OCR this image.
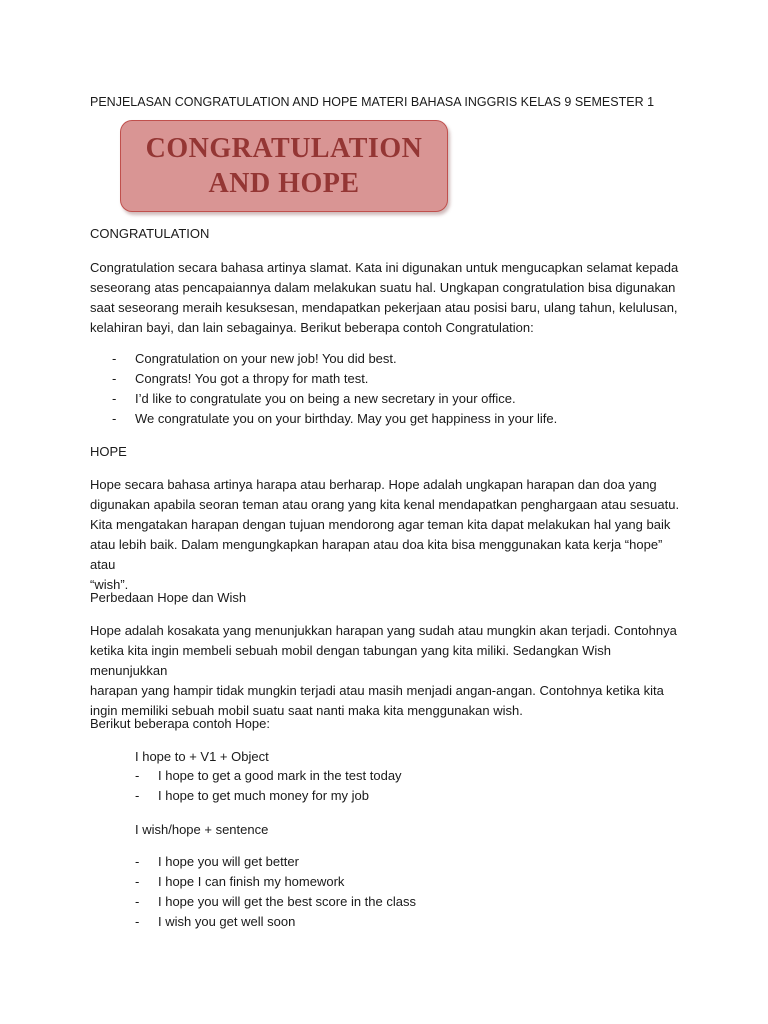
PENJELASAN CONGRATULATION AND HOPE MATERI BAHASA INGGRIS KELAS 9 SEMESTER 1
CONGRATULATION
AND HOPE
CONGRATULATION
Congratulation secara bahasa artinya slamat. Kata ini digunakan untuk mengucapkan selamat kepada
seseorang atas pencapaiannya dalam melakukan suatu hal. Ungkapan congratulation bisa digunakan
saat seseorang meraih kesuksesan, mendapatkan pekerjaan atau posisi baru, ulang tahun, kelulusan,
kelahiran bayi, dan lain sebagainya. Berikut beberapa contoh Congratulation:
- Congratulation on your new job! You did best.
- Congrats! You got a thropy for math test.
- I’d like to congratulate you on being a new secretary in your office.
- We congratulate you on your birthday. May you get happiness in your life.
HOPE
Hope secara bahasa artinya harapa atau berharap. Hope adalah ungkapan harapan dan doa yang
digunakan apabila seoran teman atau orang yang kita kenal mendapatkan penghargaan atau sesuatu.
Kita mengatakan harapan dengan tujuan mendorong agar teman kita dapat melakukan hal yang baik
atau lebih baik. Dalam mengungkapkan harapan atau doa kita bisa menggunakan kata kerja “hope” atau
“wish”.
Perbedaan Hope dan Wish
Hope adalah kosakata yang menunjukkan harapan yang sudah atau mungkin akan terjadi. Contohnya
ketika kita ingin membeli sebuah mobil dengan tabungan yang kita miliki. Sedangkan Wish menunjukkan
harapan yang hampir tidak mungkin terjadi atau masih menjadi angan-angan. Contohnya ketika kita
ingin memiliki sebuah mobil suatu saat nanti maka kita menggunakan wish.
Berikut beberapa contoh Hope:
I hope to + V1 + Object
- I hope to get a good mark in the test today
- I hope to get much money for my job
I wish/hope + sentence
- I hope you will get better
- I hope I can finish my homework
- I hope you will get the best score in the class
- I wish you get well soon
